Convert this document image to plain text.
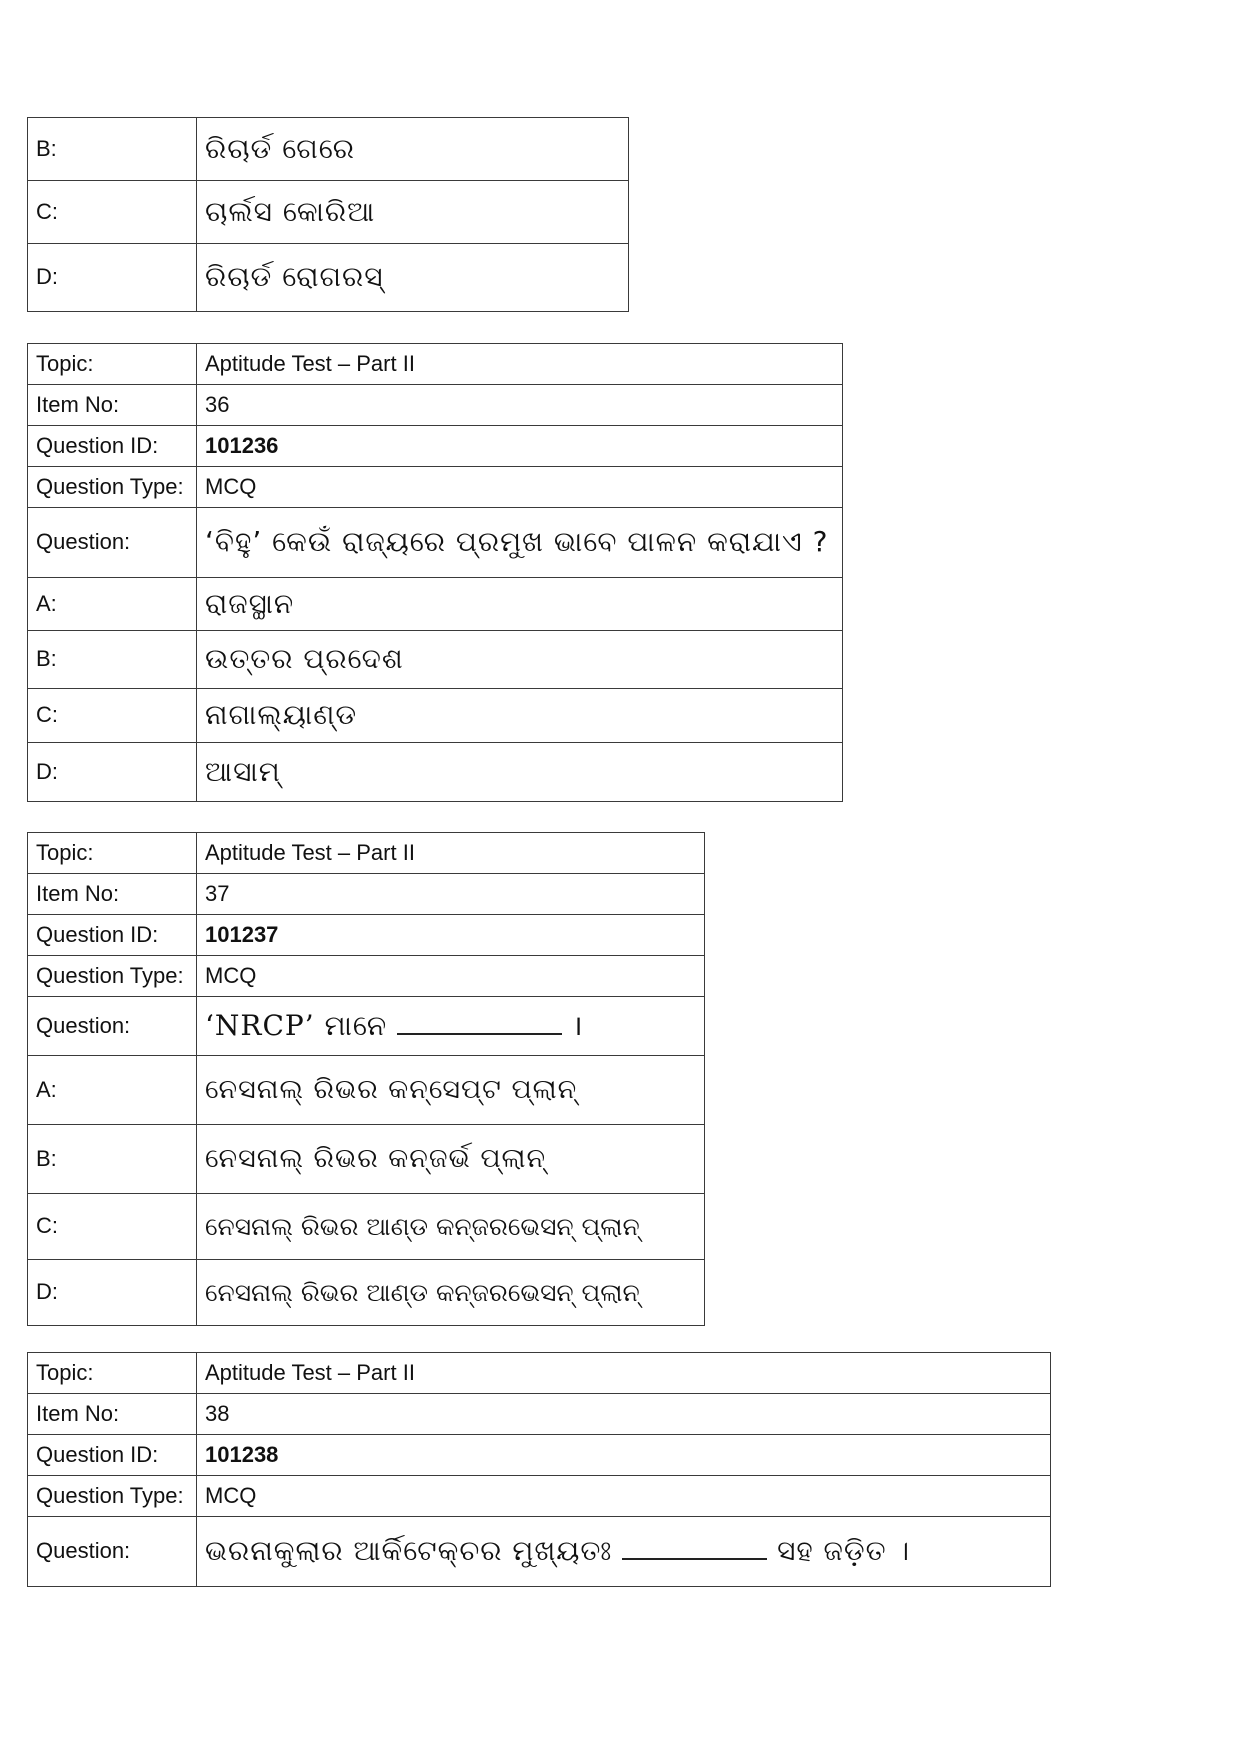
B:	ରିଚାର୍ଡ ଗେରେ
C:	ଚାର୍ଲସ କୋରିଆ
D:	ରିଚାର୍ଡ ରୋଗରସ୍
Topic:	Aptitude Test – Part II
Item No:	36
Question ID:	101236
Question Type:	MCQ
Question:	‘ବିହୁ’ କେଉଁ ରାଜ୍ୟରେ ପ୍ରମୁଖ ଭାବେ ପାଳନ କରାଯାଏ ?
A:	ରାଜସ୍ଥାନ
B:	ଉତ୍ତର ପ୍ରଦେଶ
C:	ନାଗାଲ୍ୟାଣ୍ଡ
D:	ଆସାମ୍
Topic:	Aptitude Test – Part II
Item No:	37
Question ID:	101237
Question Type:	MCQ
Question:	‘NRCP’ ମାନେ ।
A:	ନେସନାଲ୍ ରିଭର କନ୍ସେପ୍ଟ ପ୍ଲାନ୍
B:	ନେସନାଲ୍ ରିଭର କନ୍ଜର୍ଭ ପ୍ଲାନ୍
C:	ନେସନାଲ୍ ରିଭର ଆଣ୍ଡ କନ୍ଜରଭେସନ୍ ପ୍ଲାନ୍
D:	ନେସନାଲ୍ ରିଭର ଆଣ୍ଡ କନ୍ଜରଭେସନ୍ ପ୍ଲାନ୍
Topic:	Aptitude Test – Part II
Item No:	38
Question ID:	101238
Question Type:	MCQ
Question:	ଭରନାକୁଲାର ଆର୍କିଟେକ୍ଚର ମୁଖ୍ୟତଃ ସହ ଜଡ଼ିତ ।
